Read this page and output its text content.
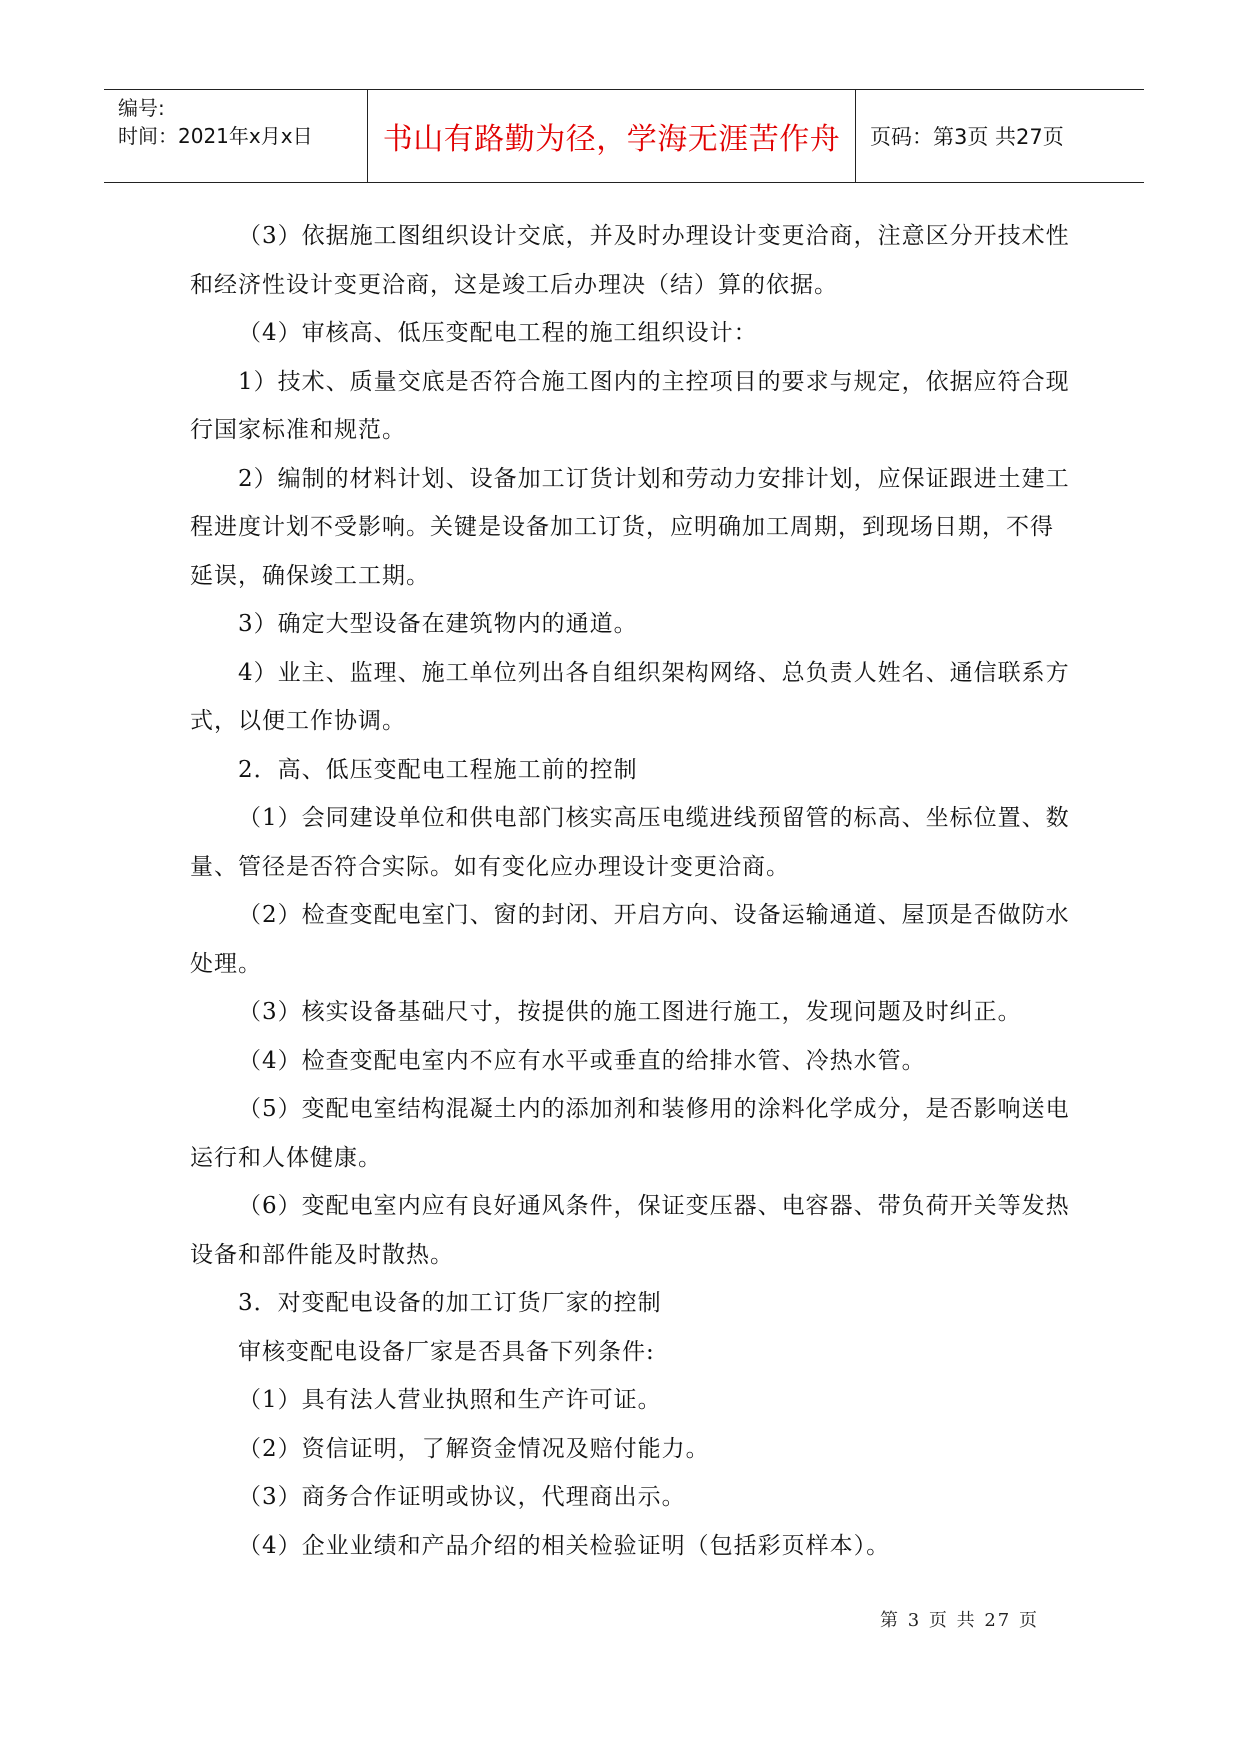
编号:
时间：2021年x月x日	书山有路勤为径，学海无涯苦作舟	页码：第3页 共27页

（3）依据施工图组织设计交底，并及时办理设计变更洽商，注意区分开技术性和经济性设计变更洽商，这是竣工后办理决（结）算的依据。

（4）审核高、低压变配电工程的施工组织设计：

1）技术、质量交底是否符合施工图内的主控项目的要求与规定，依据应符合现行国家标准和规范。

2）编制的材料计划、设备加工订货计划和劳动力安排计划，应保证跟进土建工程进度计划不受影响。关键是设备加工订货，应明确加工周期，到现场日期，不得延误，确保竣工工期。

3）确定大型设备在建筑物内的通道。

4）业主、监理、施工单位列出各自组织架构网络、总负责人姓名、通信联系方式，以便工作协调。

2．高、低压变配电工程施工前的控制

（1）会同建设单位和供电部门核实高压电缆进线预留管的标高、坐标位置、数量、管径是否符合实际。如有变化应办理设计变更洽商。

（2）检查变配电室门、窗的封闭、开启方向、设备运输通道、屋顶是否做防水处理。

（3）核实设备基础尺寸，按提供的施工图进行施工，发现问题及时纠正。

（4）检查变配电室内不应有水平或垂直的给排水管、冷热水管。

（5）变配电室结构混凝土内的添加剂和装修用的涂料化学成分，是否影响送电运行和人体健康。

（6）变配电室内应有良好通风条件，保证变压器、电容器、带负荷开关等发热设备和部件能及时散热。

3．对变配电设备的加工订货厂家的控制

审核变配电设备厂家是否具备下列条件:

（1）具有法人营业执照和生产许可证。

（2）资信证明，了解资金情况及赔付能力。

（3）商务合作证明或协议，代理商出示。

（4）企业业绩和产品介绍的相关检验证明（包括彩页样本）。

第 3 页 共 27 页
